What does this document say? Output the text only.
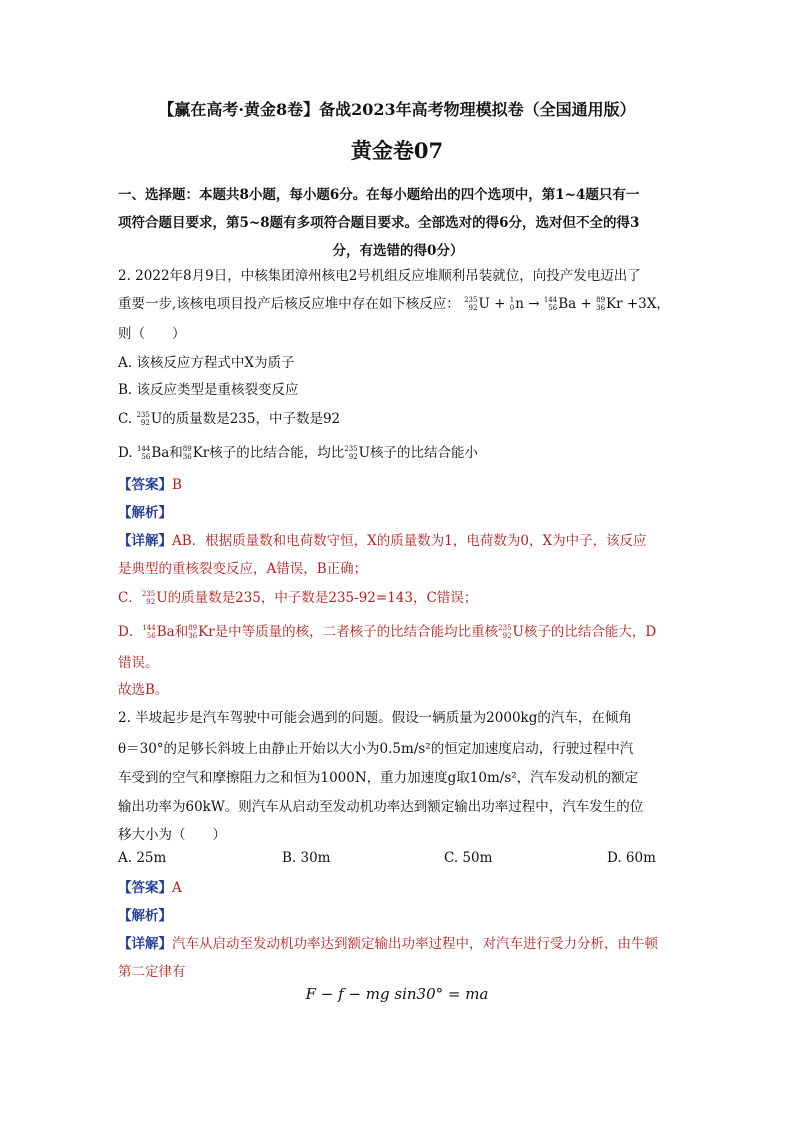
【赢在高考·黄金8卷】备战2023年高考物理模拟卷（全国通用版）
黄金卷07
一、选择题：本题共8小题，每小题6分。在每小题给出的四个选项中，第1~4题只有一
项符合题目要求，第5~8题有多项符合题目要求。全部选对的得6分，选对但不全的得3
分，有选错的得0分）
2. 2022年8月9日，中核集团漳州核电2号机组反应堆顺利吊装就位，向投产发电迈出了
重要一步,该核电项目投产后核反应堆中存在如下核反应： 235
92 U + 1
0 n → 144
56 Ba + 89
36 Kr +3X，
则（　　）
A. 该核反应方程式中X为质子
B. 该反应类型是重核裂变反应
C. 235
92 U的质量数是235，中子数是92
D. 144
56 Ba和 89
36 Kr核子的比结合能，均比 235
92 U核子的比结合能小
【答案】B
【解析】
【详解】AB．根据质量数和电荷数守恒，X的质量数为1，电荷数为0，X为中子，该反应
是典型的重核裂变反应，A错误，B正确；
C． 235
92 U的质量数是235，中子数是235-92=143，C错误；
D． 144
56 Ba和 89
36 Kr是中等质量的核，二者核子的比结合能均比重核 235
92 U核子的比结合能大，D
错误。
故选B。
2. 半坡起步是汽车驾驶中可能会遇到的问题。假设一辆质量为2000kg的汽车，在倾角
θ＝30°的足够长斜坡上由静止开始以大小为0.5m/s²的恒定加速度启动，行驶过程中汽
车受到的空气和摩擦阻力之和恒为1000N，重力加速度g取10m/s²，汽车发动机的额定
输出功率为60kW。则汽车从启动至发动机功率达到额定输出功率过程中，汽车发生的位
移大小为（　　）
A. 25m	B. 30m	C. 50m	D. 60m
【答案】A
【解析】
【详解】汽车从启动至发动机功率达到额定输出功率过程中，对汽车进行受力分析，由牛顿
第二定律有
F − f − mg sin30° = ma
